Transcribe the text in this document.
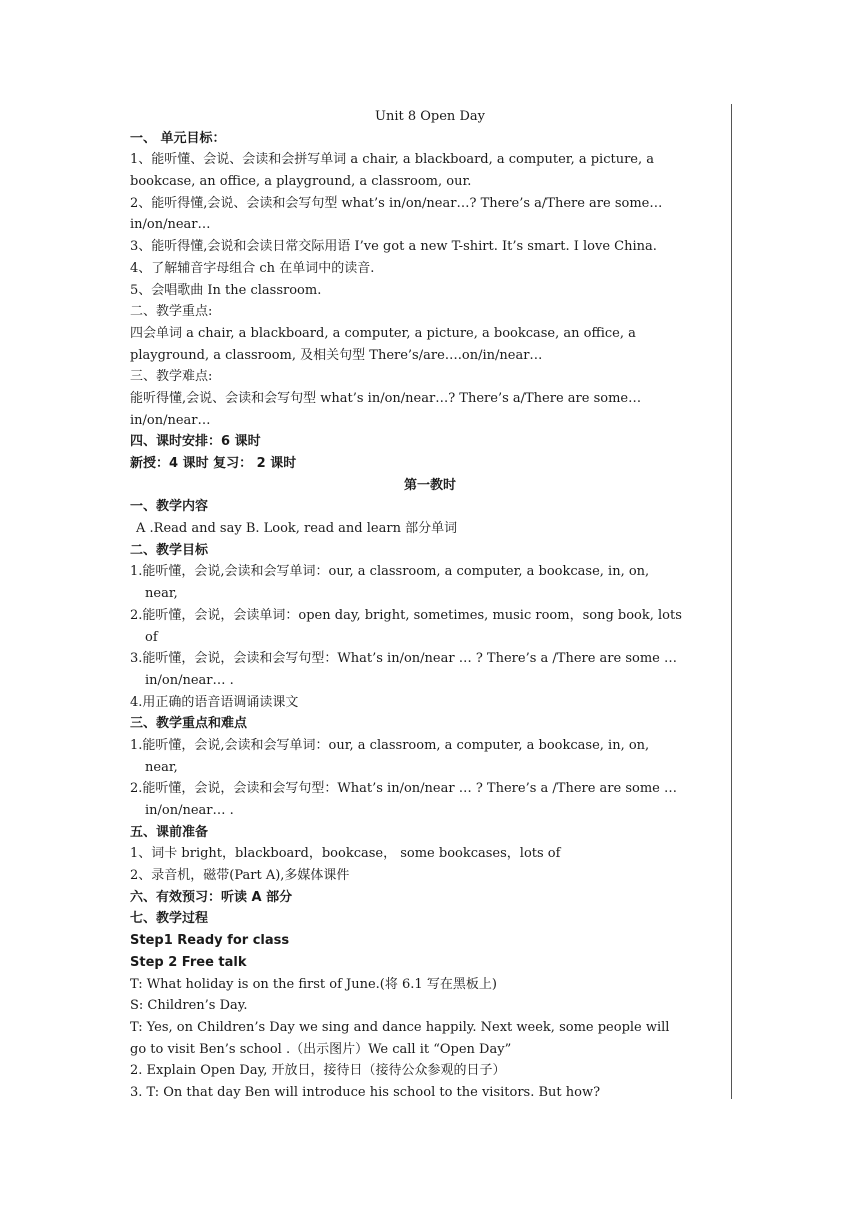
Unit 8 Open Day
一、 单元目标：
1、能听懂、会说、会读和会拼写单词 a chair, a blackboard, a computer, a picture, a
bookcase, an office, a playground, a classroom, our.
2、能听得懂,会说、会读和会写句型 what’s in/on/near…? There’s a/There are some…
in/on/near…
3、能听得懂,会说和会读日常交际用语 I’ve got a new T-shirt. It’s smart. I love China.
4、了解辅音字母组合 ch 在单词中的读音.
5、会唱歌曲 In the classroom.
二、教学重点:
四会单词 a chair, a blackboard, a computer, a picture, a bookcase, an office, a
playground, a classroom, 及相关句型 There’s/are….on/in/near…
三、教学难点:
能听得懂,会说、会读和会写句型 what’s in/on/near…? There’s a/There are some…
in/on/near…
四、课时安排：6 课时
新授：4 课时 复习： 2 课时
第一教时
一、教学内容
A .Read and say B. Look, read and learn 部分单词
二、教学目标
1.能听懂，会说,会读和会写单词：our, a classroom, a computer, a bookcase, in, on,
near,
2.能听懂，会说，会读单词：open day, bright, sometimes, music room，song book, lots
of
3.能听懂，会说，会读和会写句型：What’s in/on/near … ? There’s a /There are some …
in/on/near… .
4.用正确的语音语调诵读课文
三、教学重点和难点
1.能听懂，会说,会读和会写单词：our, a classroom, a computer, a bookcase, in, on,
near,
2.能听懂，会说，会读和会写句型：What’s in/on/near … ? There’s a /There are some …
in/on/near… .
五、课前准备
1、词卡 bright，blackboard，bookcase， some bookcases，lots of
2、录音机，磁带(Part A),多媒体课件
六、有效预习：听读 A 部分
七、教学过程
Step1 Ready for class
Step 2 Free talk
T: What holiday is on the first of June.(将 6.1 写在黑板上)
S: Children’s Day.
T: Yes, on Children’s Day we sing and dance happily. Next week, some people will
go to visit Ben’s school .（出示图片）We call it “Open Day”
2. Explain Open Day, 开放日，接待日（接待公众参观的日子）
3. T: On that day Ben will introduce his school to the visitors. But how?
